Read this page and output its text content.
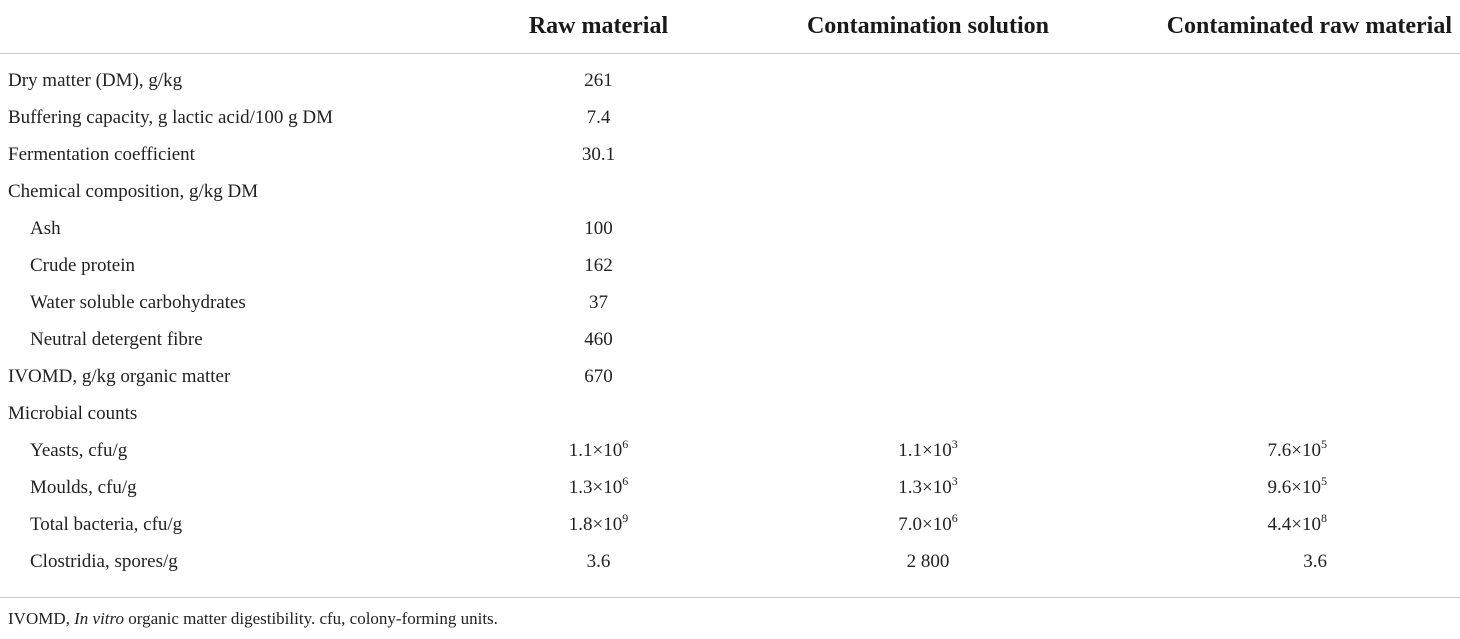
	Raw material	Contamination solution	Contaminated raw material
Dry matter (DM), g/kg	261		
Buffering capacity, g lactic acid/100 g DM	7.4		
Fermentation coefficient	30.1		
Chemical composition, g/kg DM			
Ash	100		
Crude protein	162		
Water soluble carbohydrates	37		
Neutral detergent fibre	460		
IVOMD, g/kg organic matter	670		
Microbial counts			
Yeasts, cfu/g	$1.1\times 10^6$	$1.1\times 10^3$	$7.6\times 10^5$
Moulds, cfu/g	$1.3\times 10^6$	$1.3\times 10^3$	$9.6\times 10^5$
Total bacteria, cfu/g	$1.8\times 10^9$	$7.0\times 10^6$	$4.4\times 10^8$
Clostridia, spores/g	3.6	2 800	3.6
IVOMD, In vitro organic matter digestibility. cfu, colony-forming units.
